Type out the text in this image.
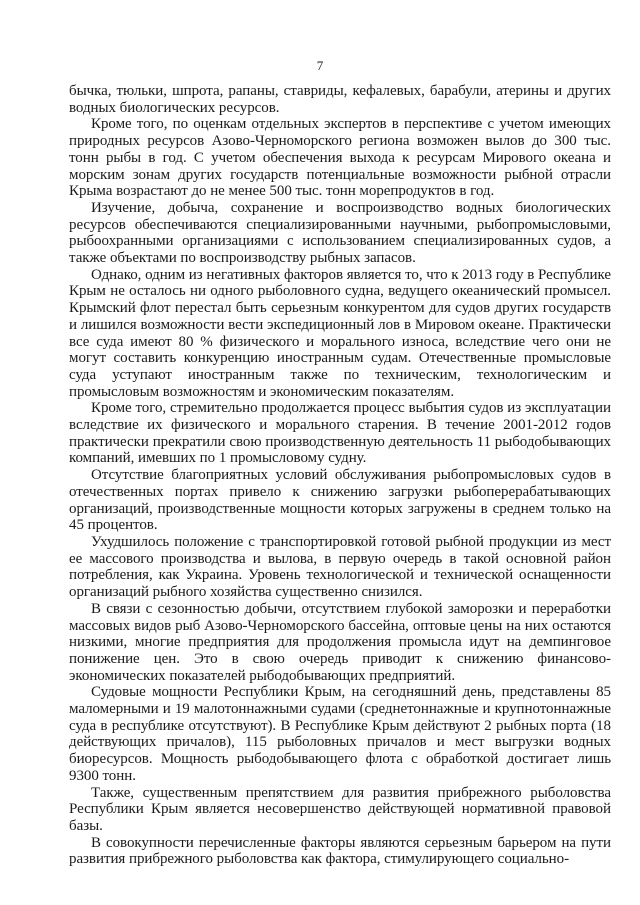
7

бычка, тюльки, шпрота, рапаны, ставриды, кефалевых, барабули, атерины и других водных биологических ресурсов.

Кроме того, по оценкам отдельных экспертов в перспективе с учетом имеющих природных ресурсов Азово-Черноморского региона возможен вылов до 300 тыс. тонн рыбы в год. С учетом обеспечения выхода к ресурсам Мирового океана и морским зонам других государств потенциальные возможности рыбной отрасли Крыма возрастают до не менее 500 тыс. тонн морепродуктов в год.

Изучение, добыча, сохранение и воспроизводство водных биологических ресурсов обеспечиваются специализированными научными, рыбопромысловыми, рыбоохранными организациями с использованием специализированных судов, а также объектами по воспроизводству рыбных запасов.

Однако, одним из негативных факторов является то, что к 2013 году в Республике Крым не осталось ни одного рыболовного судна, ведущего океанический промысел. Крымский флот перестал быть серьезным конкурентом для судов других государств и лишился возможности вести экспедиционный лов в Мировом океане. Практически все суда имеют 80 % физического и морального износа, вследствие чего они не могут составить конкуренцию иностранным судам. Отечественные промысловые суда уступают иностранным также по техническим, технологическим и промысловым возможностям и экономическим показателям.

Кроме того, стремительно продолжается процесс выбытия судов из эксплуатации вследствие их физического и морального старения. В течение 2001-2012 годов практически прекратили свою производственную деятельность 11 рыбодобывающих компаний, имевших по 1 промысловому судну.

Отсутствие благоприятных условий обслуживания рыбопромысловых судов в отечественных портах привело к снижению загрузки рыбоперерабатывающих организаций, производственные мощности которых загружены в среднем только на 45 процентов.

Ухудшилось положение с транспортировкой готовой рыбной продукции из мест ее массового производства и вылова, в первую очередь в такой основной район потребления, как Украина. Уровень технологической и технической оснащенности организаций рыбного хозяйства существенно снизился.

В связи с сезонностью добычи, отсутствием глубокой заморозки и переработки массовых видов рыб Азово-Черноморского бассейна, оптовые цены на них остаются низкими, многие предприятия для продолжения промысла идут на демпинговое понижение цен. Это в свою очередь приводит к снижению финансово-экономических показателей рыбодобывающих предприятий.

Судовые мощности Республики Крым, на сегодняшний день, представлены 85 маломерными и 19 малотоннажными судами (среднетоннажные и крупнотоннажные суда в республике отсутствуют). В Республике Крым действуют 2 рыбных порта (18 действующих причалов), 115 рыболовных причалов и мест выгрузки водных биоресурсов. Мощность рыбодобывающего флота с обработкой достигает лишь 9300 тонн.

Также, существенным препятствием для развития прибрежного рыболовства Республики Крым является несовершенство действующей нормативной правовой базы.

В совокупности перечисленные факторы являются серьезным барьером на пути развития прибрежного рыболовства как фактора, стимулирующего социально-
